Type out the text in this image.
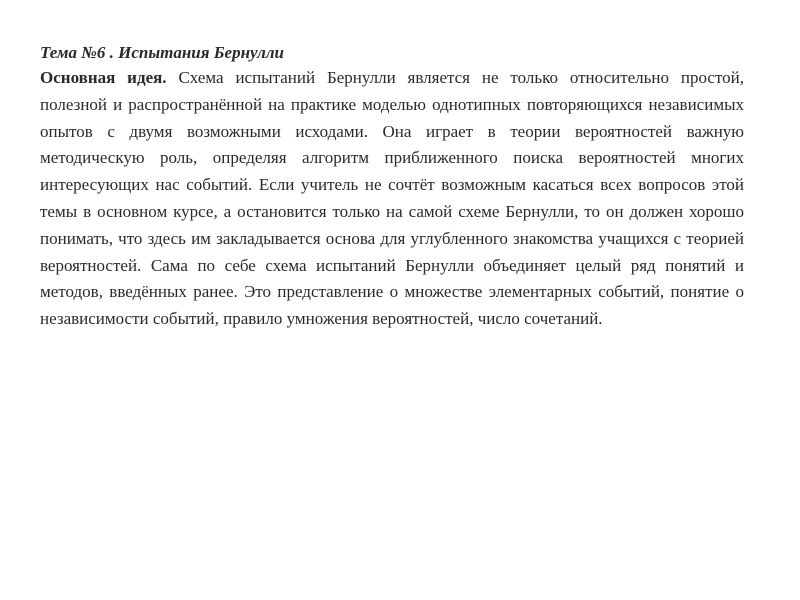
Тема №6 . Испытания Бернулли

Основная идея. Схема испытаний Бернулли является не только относительно простой, полезной и распространённой на практике моделью однотипных повторяющихся независимых опытов с двумя возможными исходами. Она играет в теории вероятностей важную методическую роль, определяя алгоритм приближенного поиска вероятностей многих интересующих нас событий. Если учитель не сочтёт возможным касаться всех вопросов этой темы в основном курсе, а остановится только на самой схеме Бернулли, то он должен хорошо понимать, что здесь им закладывается основа для углубленного знакомства учащихся с теорией вероятностей. Сама по себе схема испытаний Бернулли объединяет целый ряд понятий и методов, введённых ранее. Это представление о множестве элементарных событий, понятие о независимости событий, правило умножения вероятностей, число сочетаний.
